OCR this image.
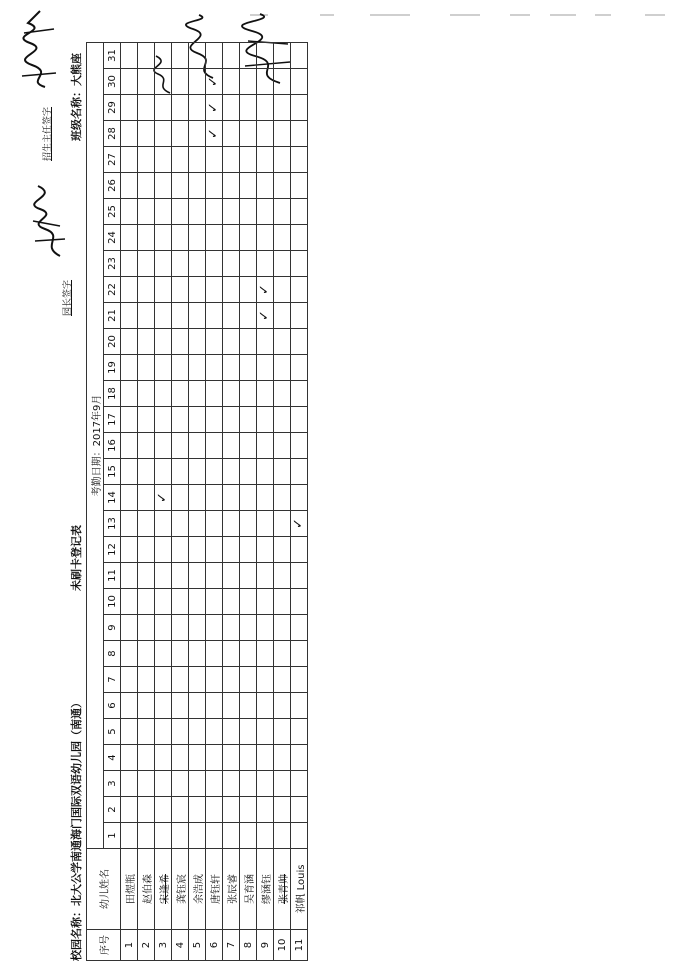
校园名称：北大公学南通海门国际双语幼儿园（南通）
未刷卡登记表
班级名称：大熊座
园长签字
招生主任签字
序号	幼儿姓名	考勤日期：2017年9月																														
		1	2	3	4	5	6	7	8	9	10	11	12	13	14	15	16	17	18	19	20	21	22	23	24	25	26	27	28	29	30	31
1	田煜瓶																															
2	赵伯森																															
3	宋逢希														✓																	
4	龚钰宸																															
5	余浩成																															
6	唐钰轩																												✓	✓	✓	
7	张辰睿																															
8	吴育涵																															
9	缪涵钰																					✓	✓									
10	张青帅																															
11	祁帆 Louis													✓																		
